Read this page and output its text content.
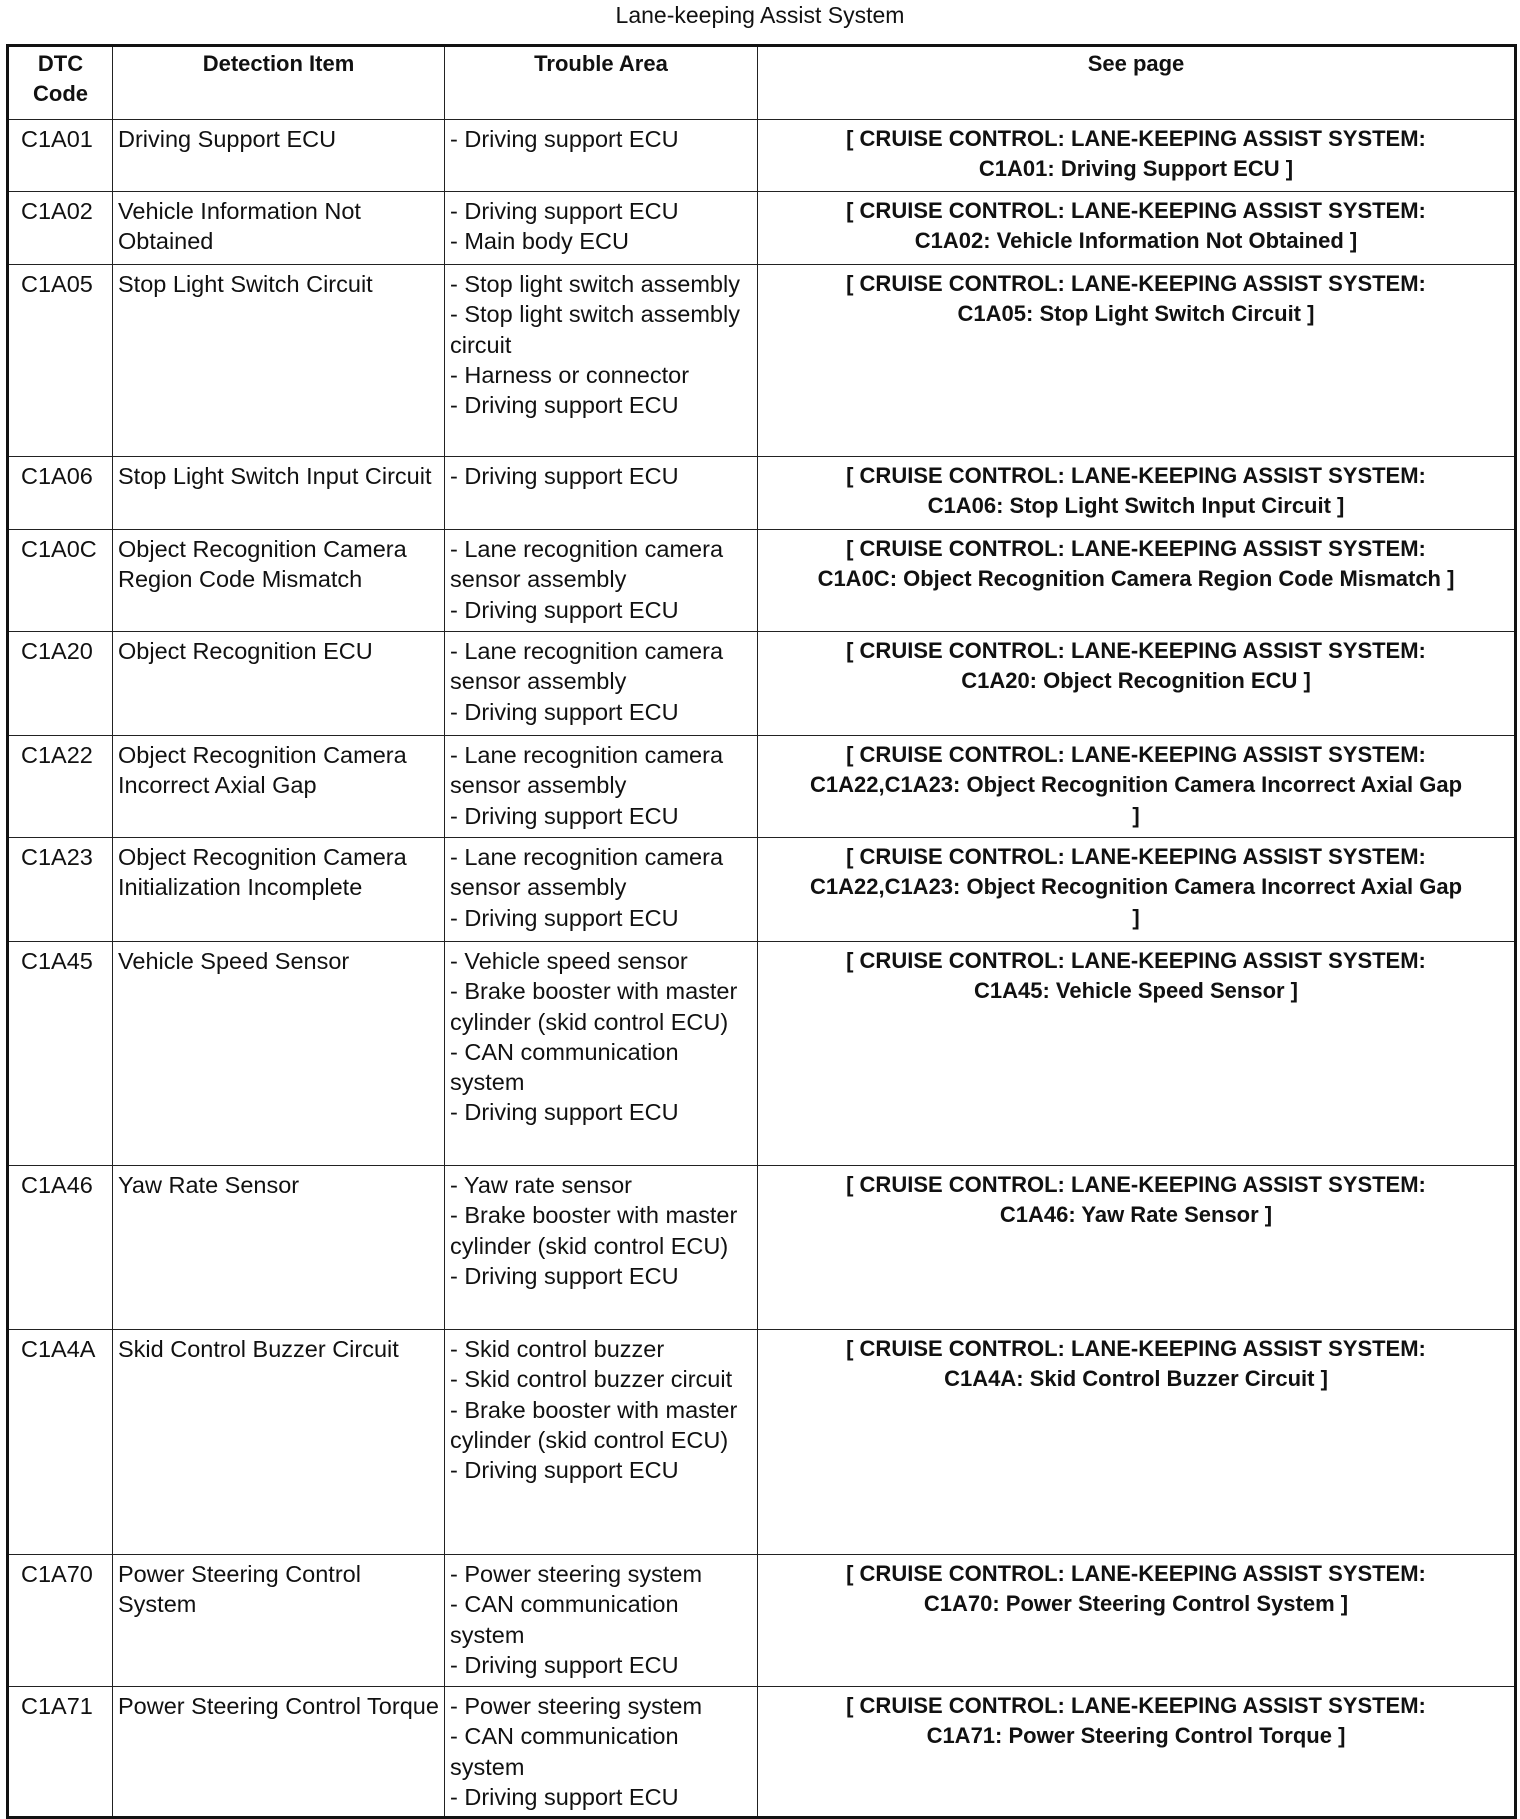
Lane-keeping Assist System
DTC Code	Detection Item	Trouble Area	See page
C1A01	Driving Support ECU	- Driving support ECU	[ CRUISE CONTROL: LANE-KEEPING ASSIST SYSTEM:
C1A01: Driving Support ECU ]

C1A02	Vehicle Information Not Obtained	- Driving support ECU
- Main body ECU	[ CRUISE CONTROL: LANE-KEEPING ASSIST SYSTEM:
C1A02: Vehicle Information Not Obtained ]

C1A05	Stop Light Switch Circuit	- Stop light switch assembly
- Stop light switch assembly circuit
- Harness or connector
- Driving support ECU	[ CRUISE CONTROL: LANE-KEEPING ASSIST SYSTEM:
C1A05: Stop Light Switch Circuit ]

C1A06	Stop Light Switch Input Circuit	- Driving support ECU	[ CRUISE CONTROL: LANE-KEEPING ASSIST SYSTEM:
C1A06: Stop Light Switch Input Circuit ]

C1A0C	Object Recognition Camera Region Code Mismatch	- Lane recognition camera sensor assembly
- Driving support ECU	[ CRUISE CONTROL: LANE-KEEPING ASSIST SYSTEM:
C1A0C: Object Recognition Camera Region Code Mismatch ]

C1A20	Object Recognition ECU	- Lane recognition camera sensor assembly
- Driving support ECU	[ CRUISE CONTROL: LANE-KEEPING ASSIST SYSTEM:
C1A20: Object Recognition ECU ]

C1A22	Object Recognition Camera Incorrect Axial Gap	- Lane recognition camera sensor assembly
- Driving support ECU	[ CRUISE CONTROL: LANE-KEEPING ASSIST SYSTEM:
C1A22,C1A23: Object Recognition Camera Incorrect Axial Gap
]

C1A23	Object Recognition Camera Initialization Incomplete	- Lane recognition camera sensor assembly
- Driving support ECU	[ CRUISE CONTROL: LANE-KEEPING ASSIST SYSTEM:
C1A22,C1A23: Object Recognition Camera Incorrect Axial Gap
]

C1A45	Vehicle Speed Sensor	- Vehicle speed sensor
- Brake booster with master cylinder (skid control ECU)
- CAN communication system
- Driving support ECU	[ CRUISE CONTROL: LANE-KEEPING ASSIST SYSTEM:
C1A45: Vehicle Speed Sensor ]

C1A46	Yaw Rate Sensor	- Yaw rate sensor
- Brake booster with master cylinder (skid control ECU)
- Driving support ECU	[ CRUISE CONTROL: LANE-KEEPING ASSIST SYSTEM:
C1A46: Yaw Rate Sensor ]

C1A4A	Skid Control Buzzer Circuit	- Skid control buzzer
- Skid control buzzer circuit
- Brake booster with master cylinder (skid control ECU)
- Driving support ECU	[ CRUISE CONTROL: LANE-KEEPING ASSIST SYSTEM:
C1A4A: Skid Control Buzzer Circuit ]

C1A70	Power Steering Control System	- Power steering system
- CAN communication system
- Driving support ECU	[ CRUISE CONTROL: LANE-KEEPING ASSIST SYSTEM:
C1A70: Power Steering Control System ]

C1A71	Power Steering Control Torque	- Power steering system
- CAN communication system
- Driving support ECU	[ CRUISE CONTROL: LANE-KEEPING ASSIST SYSTEM:
C1A71: Power Steering Control Torque ]
